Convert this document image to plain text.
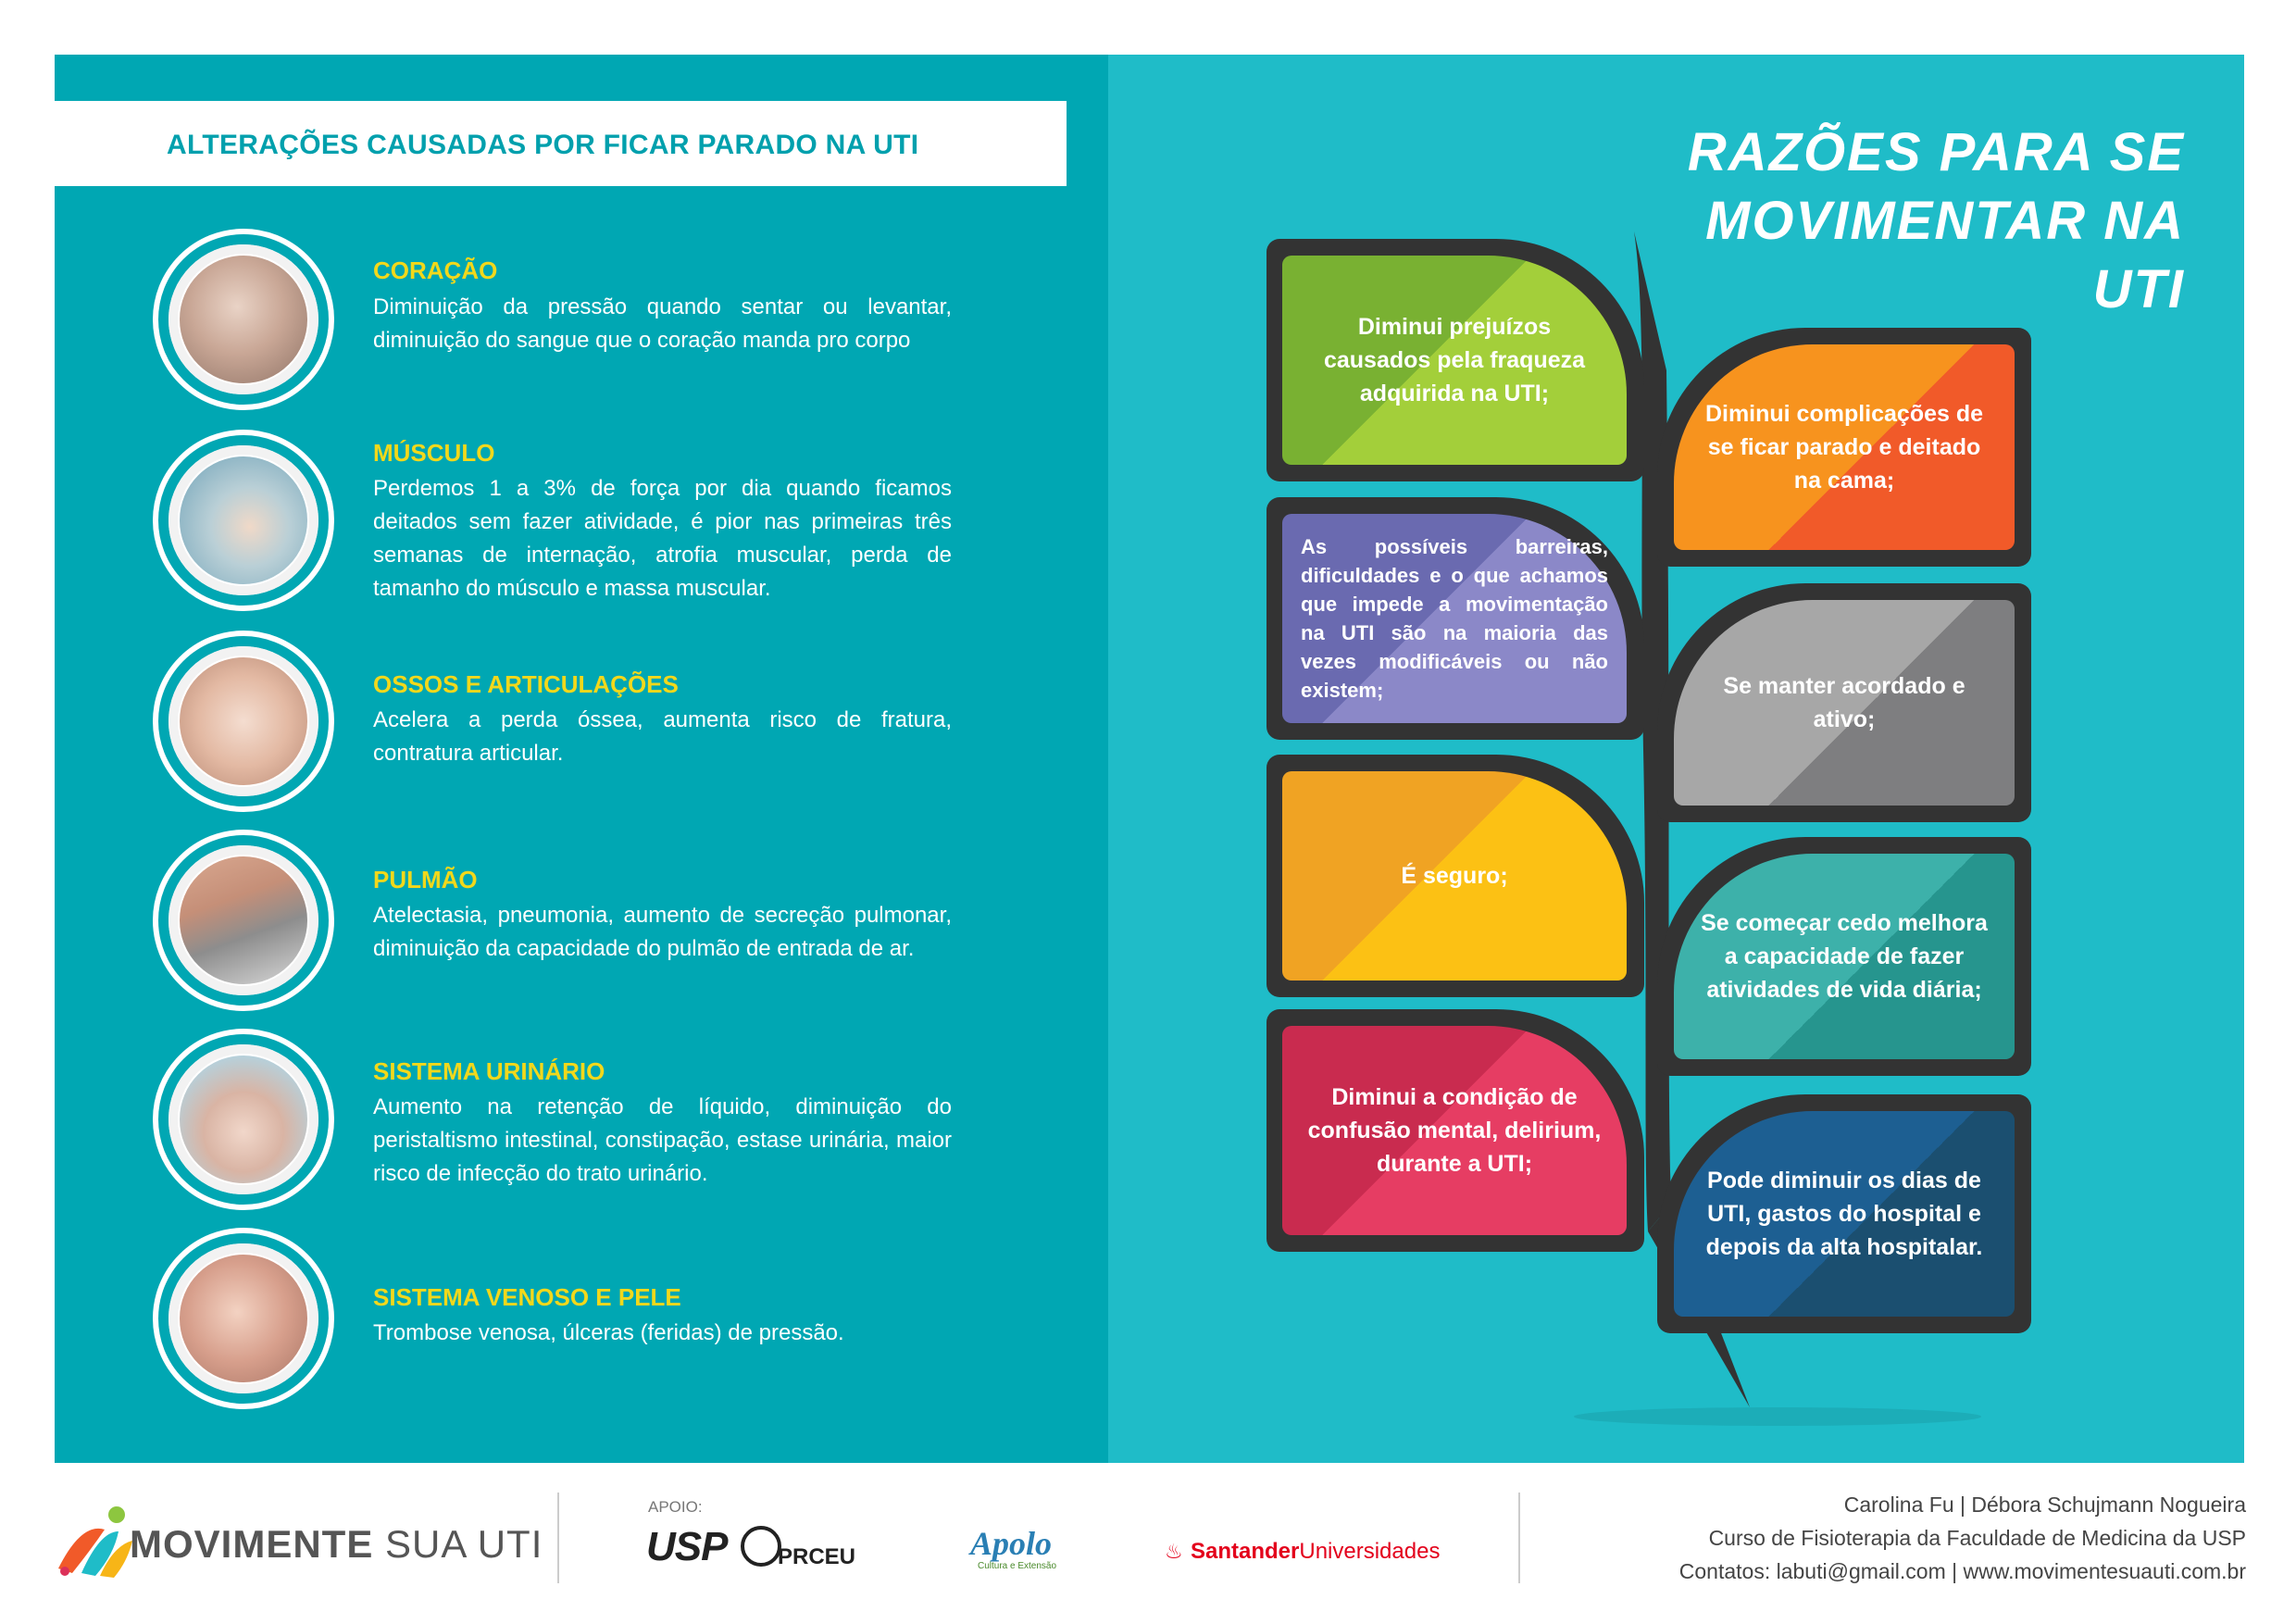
ALTERAÇÕES CAUSADAS POR FICAR PARADO NA UTI
CORAÇÃO
Diminuição da pressão quando sentar ou levantar, diminuição do sangue que o coração manda pro corpo
MÚSCULO
Perdemos 1 a 3% de força por dia quando ficamos deitados sem fazer atividade, é pior nas primeiras três semanas de internação, atrofia muscular, perda de tamanho do músculo e massa muscular.
OSSOS E ARTICULAÇÕES
Acelera a perda óssea, aumenta risco de fratura, contratura articular.
PULMÃO
Atelectasia, pneumonia, aumento de secreção pulmonar, diminuição da capacidade do pulmão de entrada de ar.
SISTEMA URINÁRIO
Aumento na retenção de líquido, diminuição do peristaltismo intestinal, constipação, estase urinária, maior risco de infecção do trato urinário.
SISTEMA VENOSO E PELE
Trombose venosa, úlceras (feridas) de pressão.
RAZÕES PARA SE
MOVIMENTAR NA UTI
Diminui prejuízos causados pela fraqueza adquirida na UTI;
As possíveis barreiras, dificuldades e o que achamos que impede a movimentação na UTI são na maioria das vezes modificáveis ou não existem;
É seguro;
Diminui a condição de confusão mental, delirium, durante a UTI;
Diminui complicações de se ficar parado e deitado na cama;
Se manter acordado e ativo;
Se começar cedo melhora a capacidade de fazer atividades de vida diária;
Pode diminuir os dias de UTI, gastos do hospital e depois da alta hospitalar.
MOVIMENTE SUA UTI
APOIO:
USP PRCEU	Apolo
Cultura e Extensão
♨ SantanderUniversidades
Carolina Fu | Débora Schujmann Nogueira
Curso de Fisioterapia da Faculdade de Medicina da USP
Contatos: labuti@gmail.com | www.movimentesuauti.com.br
